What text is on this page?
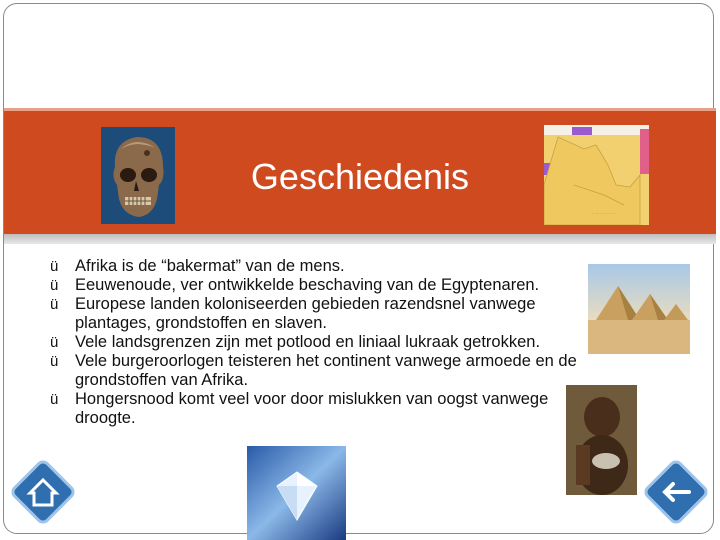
· · · · · · · · · ·
Geschiedenis
ü Afrika is de “bakermat” van de mens.
ü Eeuwenoude, ver ontwikkelde beschaving van de Egyptenaren.
ü Europese landen koloniseerden gebieden razendsnel vanwege plantages, grondstoffen en slaven.
ü Vele landsgrenzen zijn met potlood en liniaal lukraak getrokken.
ü Vele burgeroorlogen teisteren het continent vanwege armoede en de grondstoffen van Afrika.
ü Hongersnood komt veel voor door mislukken van oogst vanwege droogte.
